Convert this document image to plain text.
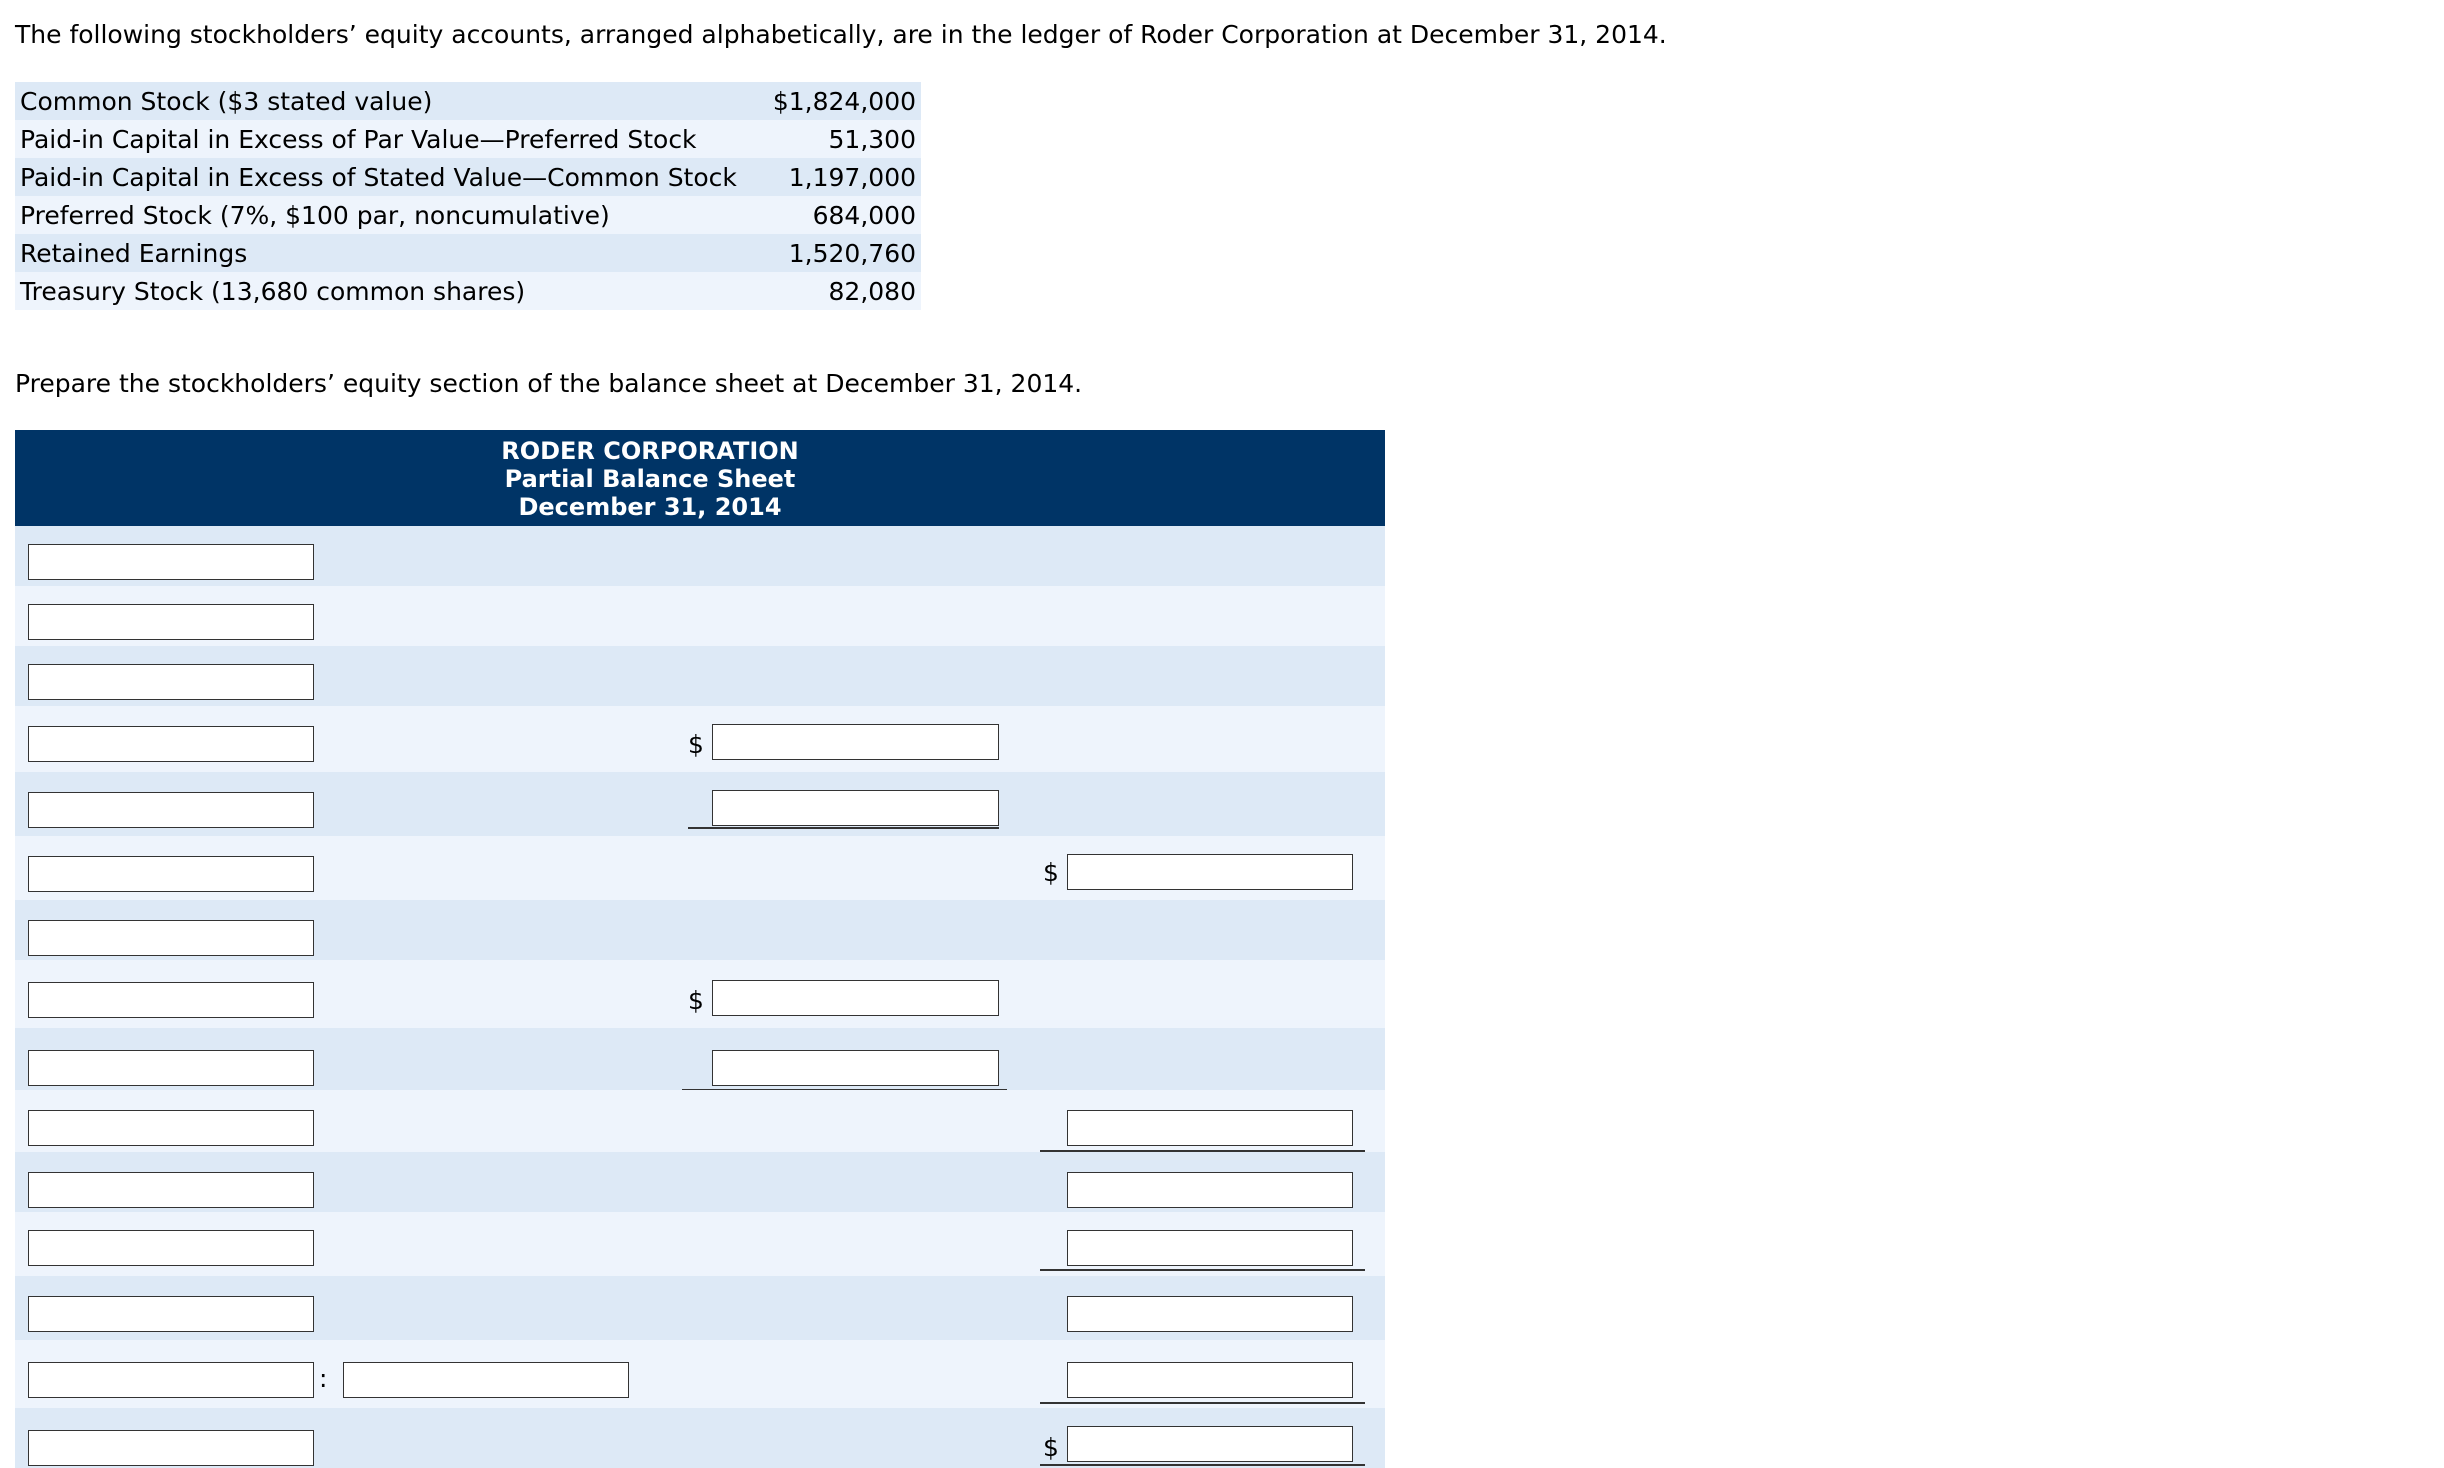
The following stockholders’ equity accounts, arranged alphabetically, are in the ledger of Roder Corporation at December 31, 2014.
Common Stock ($3 stated value)	$1,824,000
Paid-in Capital in Excess of Par Value—Preferred Stock	51,300
Paid-in Capital in Excess of Stated Value—Common Stock	1,197,000
Preferred Stock (7%, $100 par, noncumulative)	684,000
Retained Earnings	1,520,760
Treasury Stock (13,680 common shares)	82,080
Prepare the stockholders’ equity section of the balance sheet at December 31, 2014.
RODER CORPORATION
Partial Balance Sheet
December 31, 2014
$
$
$
:
$
